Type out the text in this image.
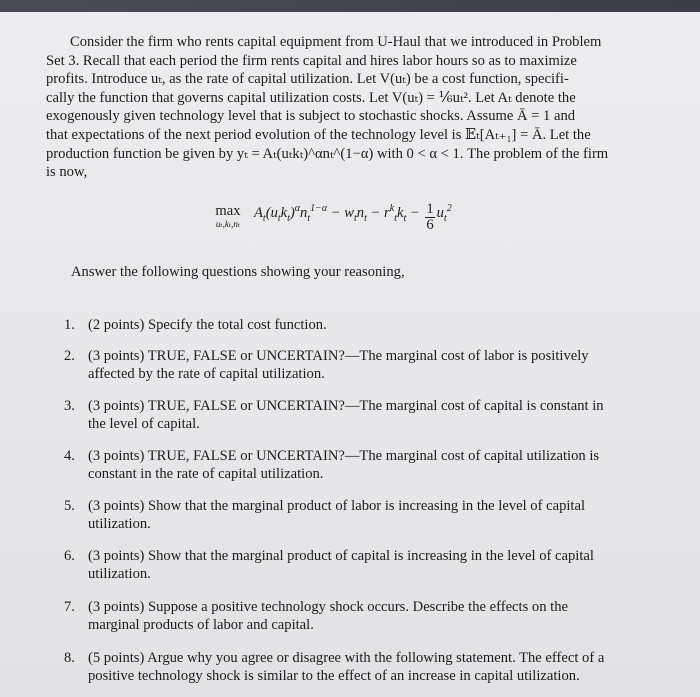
Consider the firm who rents capital equipment from U-Haul that we introduced in Problem
Set 3. Recall that each period the firm rents capital and hires labor hours so as to maximize
profits. Introduce uₜ, as the rate of capital utilization. Let V(uₜ) be a cost function, specifi-
cally the function that governs capital utilization costs. Let V(uₜ) = ⅙uₜ². Let Aₜ denote the
exogenously given technology level that is subject to stochastic shocks. Assume Ā = 1 and
that expectations of the next period evolution of the technology level is 𝔼ₜ[Aₜ₊₁] = Ā. Let the
production function be given by yₜ = Aₜ(uₜkₜ)^αnₜ^(1−α) with 0 < α < 1. The problem of the firm
is now,
max
uₜ,kₜ,nₜ
$A_t(u_tk_t)^\alpha n_t^{1-\alpha} - w_tn_t - r^k_tk_t - \frac{1}{6} u_t^2$
Answer the following questions showing your reasoning,
1. (2 points) Specify the total cost function.
2. (3 points) TRUE, FALSE or UNCERTAIN?—The marginal cost of labor is positively
affected by the rate of capital utilization.
3. (3 points) TRUE, FALSE or UNCERTAIN?—The marginal cost of capital is constant in
the level of capital.
4. (3 points) TRUE, FALSE or UNCERTAIN?—The marginal cost of capital utilization is
constant in the rate of capital utilization.
5. (3 points) Show that the marginal product of labor is increasing in the level of capital
utilization.
6. (3 points) Show that the marginal product of capital is increasing in the level of capital
utilization.
7. (3 points) Suppose a positive technology shock occurs. Describe the effects on the
marginal products of labor and capital.
8. (5 points) Argue why you agree or disagree with the following statement. The effect of a
positive technology shock is similar to the effect of an increase in capital utilization.
